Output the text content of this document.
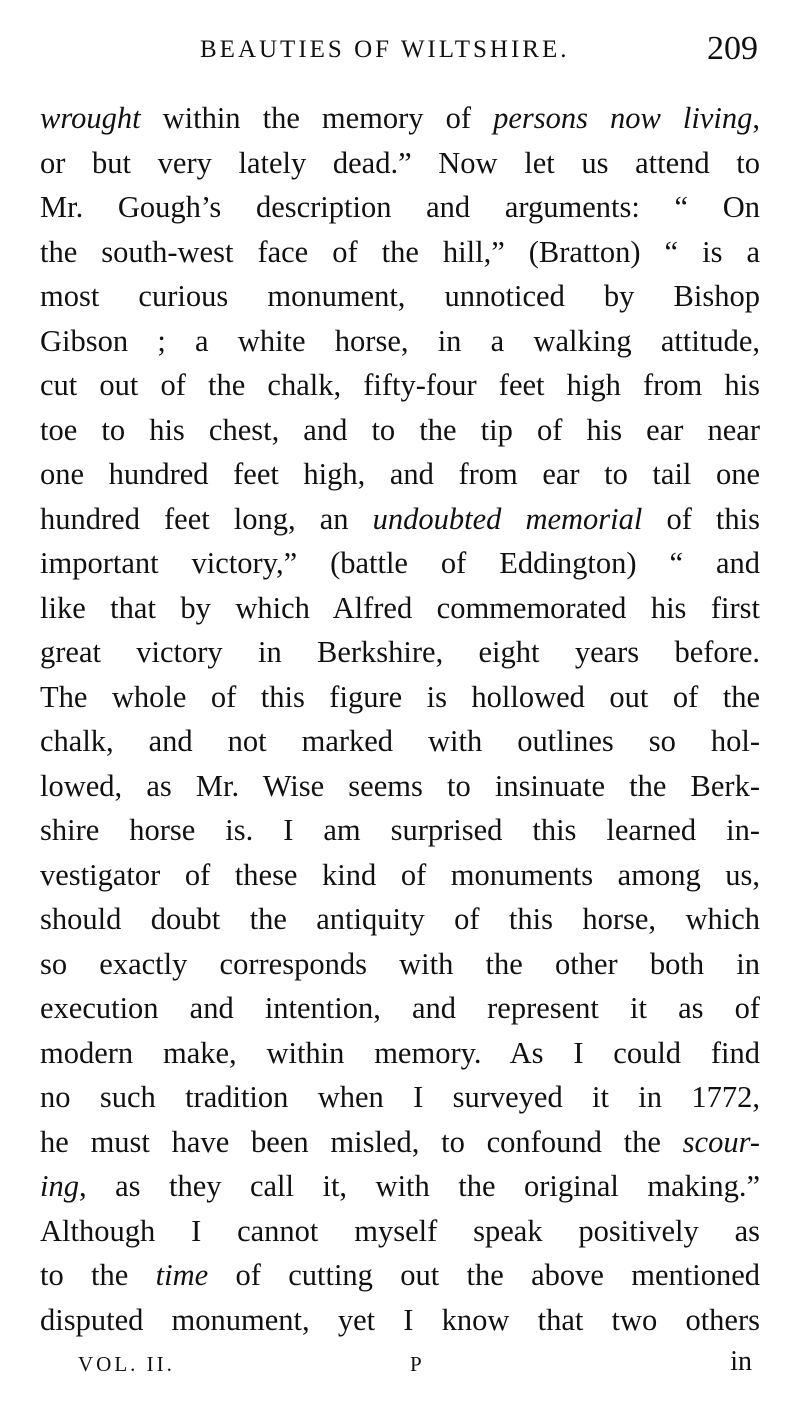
BEAUTIES OF WILTSHIRE.	209
wrought within the memory of persons now living,
or but very lately dead.” Now let us attend to
Mr. Gough’s description and arguments: “ On
the south-west face of the hill,” (Bratton) “ is a
most curious monument, unnoticed by Bishop
Gibson ; a white horse, in a walking attitude,
cut out of the chalk, fifty-four feet high from his
toe to his chest, and to the tip of his ear near
one hundred feet high, and from ear to tail one
hundred feet long, an undoubted memorial of this
important victory,” (battle of Eddington) “ and
like that by which Alfred commemorated his first
great victory in Berkshire, eight years before.
The whole of this figure is hollowed out of the
chalk, and not marked with outlines so hol-
lowed, as Mr. Wise seems to insinuate the Berk-
shire horse is. I am surprised this learned in-
vestigator of these kind of monuments among us,
should doubt the antiquity of this horse, which
so exactly corresponds with the other both in
execution and intention, and represent it as of
modern make, within memory. As I could find
no such tradition when I surveyed it in 1772,
he must have been misled, to confound the scour-
ing, as they call it, with the original making.”
Although I cannot myself speak positively as
to the time of cutting out the above mentioned
disputed monument, yet I know that two others
VOL. II.	P	in
